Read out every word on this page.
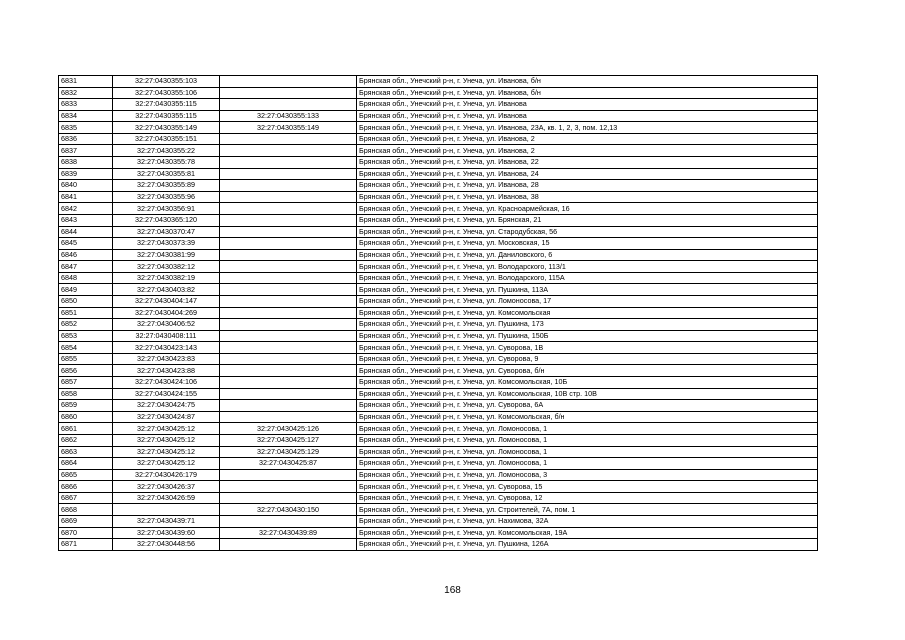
6831	32:27:0430355:103		Брянская обл., Унечский р-н, г. Унеча, ул. Иванова, б/н
6832	32:27:0430355:106		Брянская обл., Унечский р-н, г. Унеча, ул. Иванова, б/н
6833	32:27:0430355:115		Брянская обл., Унечский р-н, г. Унеча, ул. Иванова
6834	32:27:0430355:115	32:27:0430355:133	Брянская обл., Унечский р-н, г. Унеча, ул. Иванова
6835	32:27:0430355:149	32:27:0430355:149	Брянская обл., Унечский р-н, г. Унеча, ул. Иванова, 23А, кв. 1, 2, 3, пом. 12,13
6836	32:27:0430355:151		Брянская обл., Унечский р-н, г. Унеча, ул. Иванова, 2
6837	32:27:0430355:22		Брянская обл., Унечский р-н, г. Унеча, ул. Иванова, 2
6838	32:27:0430355:78		Брянская обл., Унечский р-н, г. Унеча, ул. Иванова, 22
6839	32:27:0430355:81		Брянская обл., Унечский р-н, г. Унеча, ул. Иванова, 24
6840	32:27:0430355:89		Брянская обл., Унечский р-н, г. Унеча, ул. Иванова, 28
6841	32:27:0430355:96		Брянская обл., Унечский р-н, г. Унеча, ул. Иванова, 38
6842	32:27:0430356:91		Брянская обл., Унечский р-н, г. Унеча, ул. Красноармейская, 16
6843	32:27:0430365:120		Брянская обл., Унечский р-н, г. Унеча, ул. Брянская, 21
6844	32:27:0430370:47		Брянская обл., Унечский р-н, г. Унеча, ул. Стародубская, 56
6845	32:27:0430373:39		Брянская обл., Унечский р-н, г. Унеча, ул. Московская, 15
6846	32:27:0430381:99		Брянская обл., Унечский р-н, г. Унеча, ул. Даниловского, 6
6847	32:27:0430382:12		Брянская обл., Унечский р-н, г. Унеча, ул. Володарского, 113/1
6848	32:27:0430382:19		Брянская обл., Унечский р-н, г. Унеча, ул. Володарского, 115А
6849	32:27:0430403:82		Брянская обл., Унечский р-н, г. Унеча, ул. Пушкина, 113А
6850	32:27:0430404:147		Брянская обл., Унечский р-н, г. Унеча, ул. Ломоносова, 17
6851	32:27:0430404:269		Брянская обл., Унечский р-н, г. Унеча, ул. Комсомольская
6852	32:27:0430406:52		Брянская обл., Унечский р-н, г. Унеча, ул. Пушкина, 173
6853	32:27:0430408:111		Брянская обл., Унечский р-н, г. Унеча, ул. Пушкина, 150Б
6854	32:27:0430423:143		Брянская обл., Унечский р-н, г. Унеча, ул. Суворова, 1В
6855	32:27:0430423:83		Брянская обл., Унечский р-н, г. Унеча, ул. Суворова, 9
6856	32:27:0430423:88		Брянская обл., Унечский р-н, г. Унеча, ул. Суворова, б/н
6857	32:27:0430424:106		Брянская обл., Унечский р-н, г. Унеча, ул. Комсомольская, 10Б
6858	32:27:0430424:155		Брянская обл., Унечский р-н, г. Унеча, ул. Комсомольская, 10В стр. 10В
6859	32:27:0430424:75		Брянская обл., Унечский р-н, г. Унеча, ул. Суворова, 6А
6860	32:27:0430424:87		Брянская обл., Унечский р-н, г. Унеча, ул. Комсомольская, б/н
6861	32:27:0430425:12	32:27:0430425:126	Брянская обл., Унечский р-н, г. Унеча, ул. Ломоносова, 1
6862	32:27:0430425:12	32:27:0430425:127	Брянская обл., Унечский р-н, г. Унеча, ул. Ломоносова, 1
6863	32:27:0430425:12	32:27:0430425:129	Брянская обл., Унечский р-н, г. Унеча, ул. Ломоносова, 1
6864	32:27:0430425:12	32:27:0430425:87	Брянская обл., Унечский р-н, г. Унеча, ул. Ломоносова, 1
6865	32:27:0430426:179		Брянская обл., Унечский р-н, г. Унеча, ул. Ломоносова, 3
6866	32:27:0430426:37		Брянская обл., Унечский р-н, г. Унеча, ул. Суворова, 15
6867	32:27:0430426:59		Брянская обл., Унечский р-н, г. Унеча, ул. Суворова, 12
6868		32:27:0430430:150	Брянская обл., Унечский р-н, г. Унеча, ул. Строителей, 7А, пом. 1
6869	32:27:0430439:71		Брянская обл., Унечский р-н, г. Унеча, ул. Нахимова, 32А
6870	32:27:0430439:60	32:27:0430439:89	Брянская обл., Унечский р-н, г. Унеча, ул. Комсомольская, 19А
6871	32:27:0430448:56		Брянская обл., Унечский р-н, г. Унеча, ул. Пушкина, 126А
168
